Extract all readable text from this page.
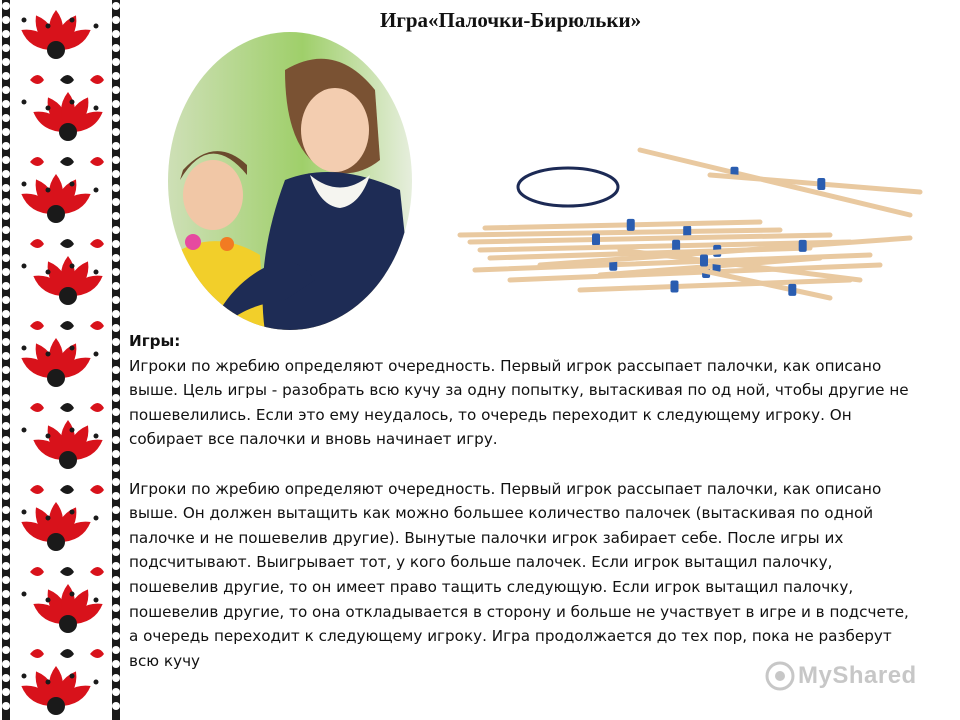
Игра«Палочки-Бирюльки»

Игры:

Игроки по жребию определяют очередность. Первый игрок рассыпает палочки, как описано выше. Цель игры - разобрать всю кучу за одну попытку, вытаскивая по од ной, чтобы другие не пошевелились. Если это ему неудалось, то очередь переходит к следующему игроку. Он собирает все палочки и вновь начинает игру.

Игроки по жребию определяют очередность. Первый игрок рассыпает палочки, как описано выше. Он должен вытащить как можно большее количество палочек (вытаскивая по одной палочке и не пошевелив другие). Вынутые палочки игрок забирает себе. После игры их подсчитывают. Выигрывает тот, у кого больше палочек. Если игрок вытащил палочку, пошевелив другие, то он имеет право тащить следующую. Если игрок вытащил палочку, пошевелив другие, то она откладывается в сторону и больше не участвует в игре и в подсчете, а очередь переходит к следующему игроку. Игра продолжается до тех пор, пока не разберут всю кучу

MyShared
